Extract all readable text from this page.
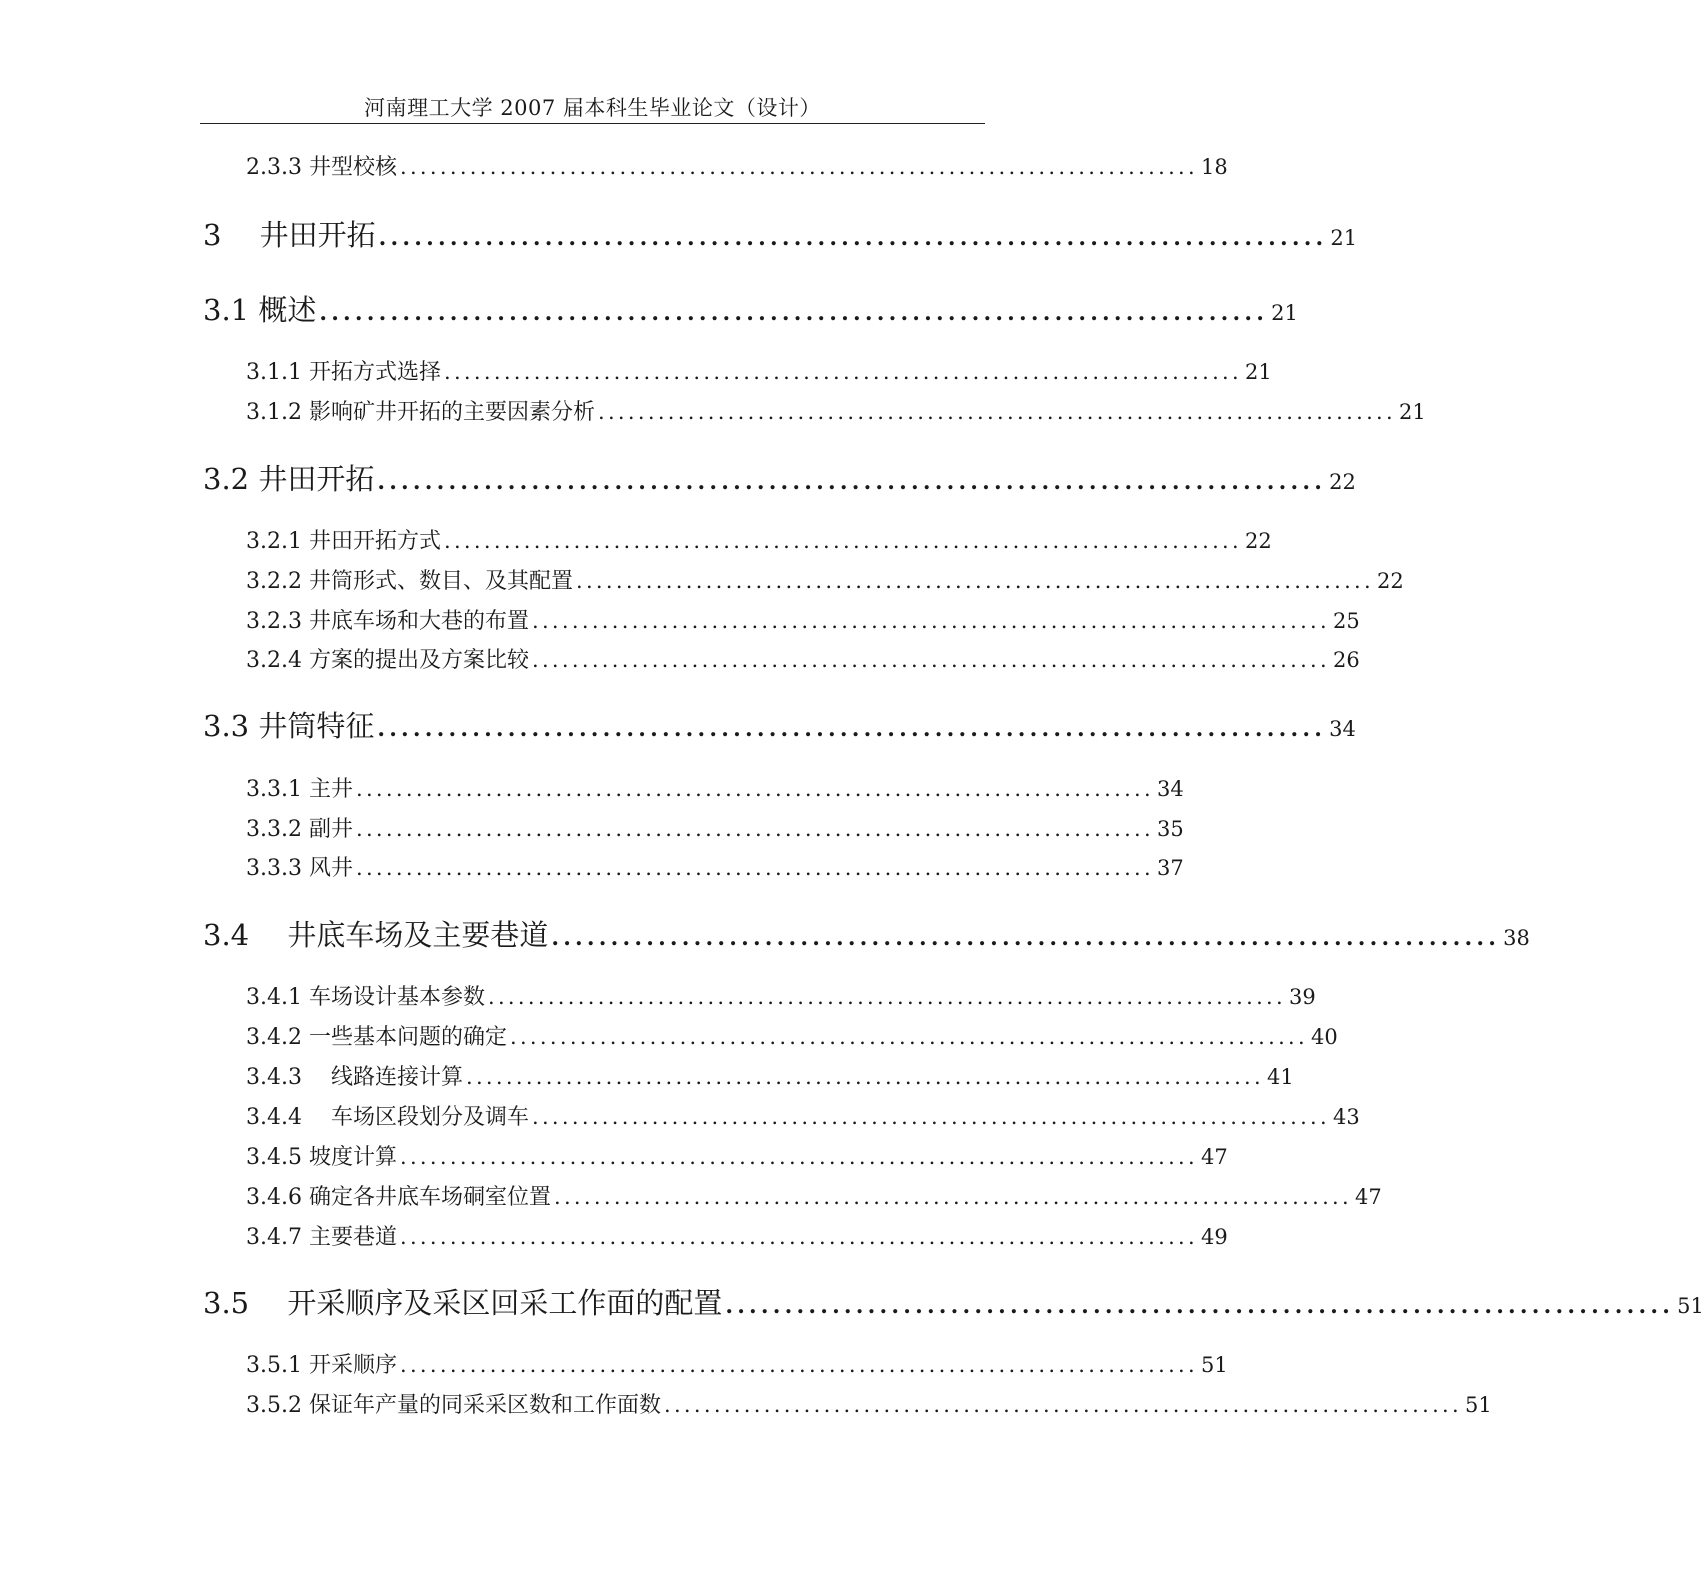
河南理工大学 2007 届本科生毕业论文（设计）
2.3.3 井型校核 ................................................................................ 18
3　 井田开拓 ................................................................................ 21
3.1 概述 ................................................................................ 21
3.1.1 开拓方式选择 ................................................................................ 21
3.1.2 影响矿井开拓的主要因素分析 ................................................................................ 21
3.2 井田开拓 ................................................................................ 22
3.2.1 井田开拓方式 ................................................................................ 22
3.2.2 井筒形式、数目、及其配置 ................................................................................ 22
3.2.3 井底车场和大巷的布置 ................................................................................ 25
3.2.4 方案的提出及方案比较 ................................................................................ 26
3.3 井筒特征 ................................................................................ 34
3.3.1 主井 ................................................................................ 34
3.3.2 副井 ................................................................................ 35
3.3.3 风井 ................................................................................ 37
3.4　 井底车场及主要巷道 ................................................................................ 38
3.4.1 车场设计基本参数 ................................................................................ 39
3.4.2 一些基本问题的确定 ................................................................................ 40
3.4.3　 线路连接计算 ................................................................................ 41
3.4.4　 车场区段划分及调车 ................................................................................ 43
3.4.5 坡度计算 ................................................................................ 47
3.4.6 确定各井底车场硐室位置 ................................................................................ 47
3.4.7 主要巷道 ................................................................................ 49
3.5　 开采顺序及采区回采工作面的配置 ................................................................................ 51
3.5.1 开采顺序 ................................................................................ 51
3.5.2 保证年产量的同采采区数和工作面数 ................................................................................ 51
